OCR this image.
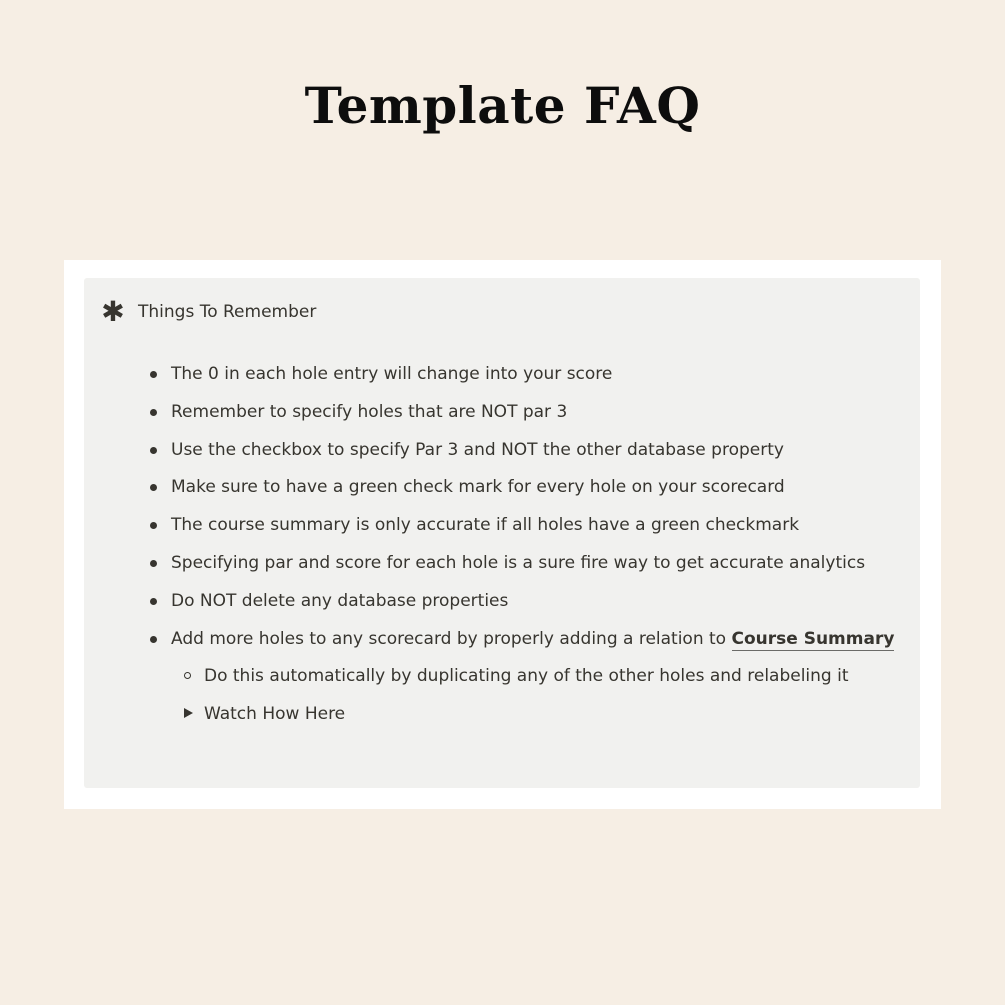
Template FAQ
✱ Things To Remember
The 0 in each hole entry will change into your score
Remember to specify holes that are NOT par 3
Use the checkbox to specify Par 3 and NOT the other database property
Make sure to have a green check mark for every hole on your scorecard
The course summary is only accurate if all holes have a green checkmark
Specifying par and score for each hole is a sure fire way to get accurate analytics
Do NOT delete any database properties
Add more holes to any scorecard by properly adding a relation to Course Summary
Do this automatically by duplicating any of the other holes and relabeling it
Watch How Here
